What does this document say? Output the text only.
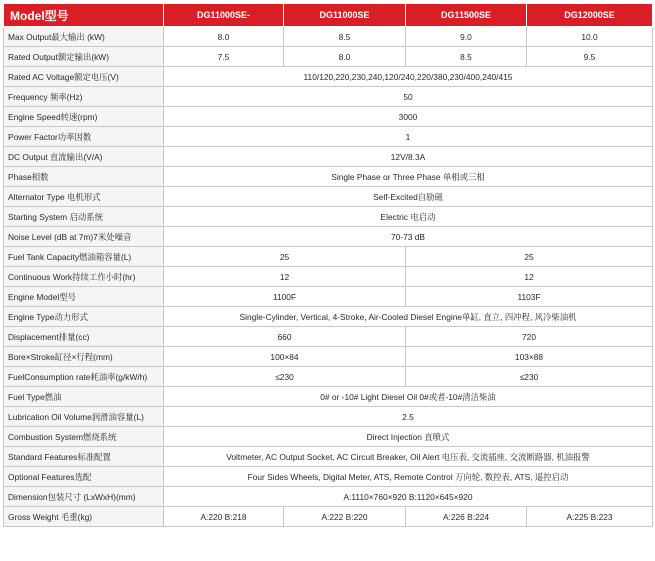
Model型号	DG11000SE-	DG11000SE	DG11500SE	DG12000SE
Max Output最大输出 (kW)	8.0	8.5	9.0	10.0
Rated Output额定输出(kW)	7.5	8.0	8.5	9.5
Rated AC Voltage额定电压(V)	110/120,220,230,240,120/240,220/380,230/400,240/415			
Frequency 频率(Hz)	50			
Engine Speed转速(rpm)	3000			
Power Factor功率因数	1			
DC Output 直流输出(V/A)	12V/8.3A			
Phase相数	Single Phase or Three Phase 单相或三相			
Alternator Type 电机形式	Self-Excited自励磁			
Starting System 启动系统	Electric 电启动			
Noise Level (dB at 7m)7米处噪音	70-73 dB			
Fuel Tank Capacity燃油箱容量(L)	25		25	
Continuous Work持续工作小时(hr)	12		12	
Engine Model型号	1100F		1103F	
Engine Type动力形式	Single-Cylinder, Vertical, 4-Stroke, Air-Cooled Diesel Engine单缸, 直立, 四冲程, 风冷柴油机			
Displacement排量(cc)	660		720	
Bore×Stroke缸径×行程(mm)	100×84		103×88	
FuelConsumption rate耗油率(g/kW/h)	≤230		≤230	
Fuel Type燃油	0# or -10# Light Diesel Oil 0#或者-10#清洁柴油			
Lubrication Oil Volume润滑油容量(L)	2.5			
Combustion System燃烧系统	Direct Injection 直喷式			
Standard Features标准配置	Voltmeter, AC Output Socket, AC Circuit Breaker, Oil Alert 电压表, 交流插座, 交流断路器, 机油报警			
Optional Features选配	Four Sides Wheels, Digital Meter, ATS, Remote Control 万向轮, 数控表, ATS, 遥控启动			
Dimension包装尺寸 (LxWxH)(mm)	A:1110×760×920 B:1120×645×920			
Gross Weight 毛重(kg)	A:220 B:218	A:222 B:220	A:226 B:224	A:225 B:223
